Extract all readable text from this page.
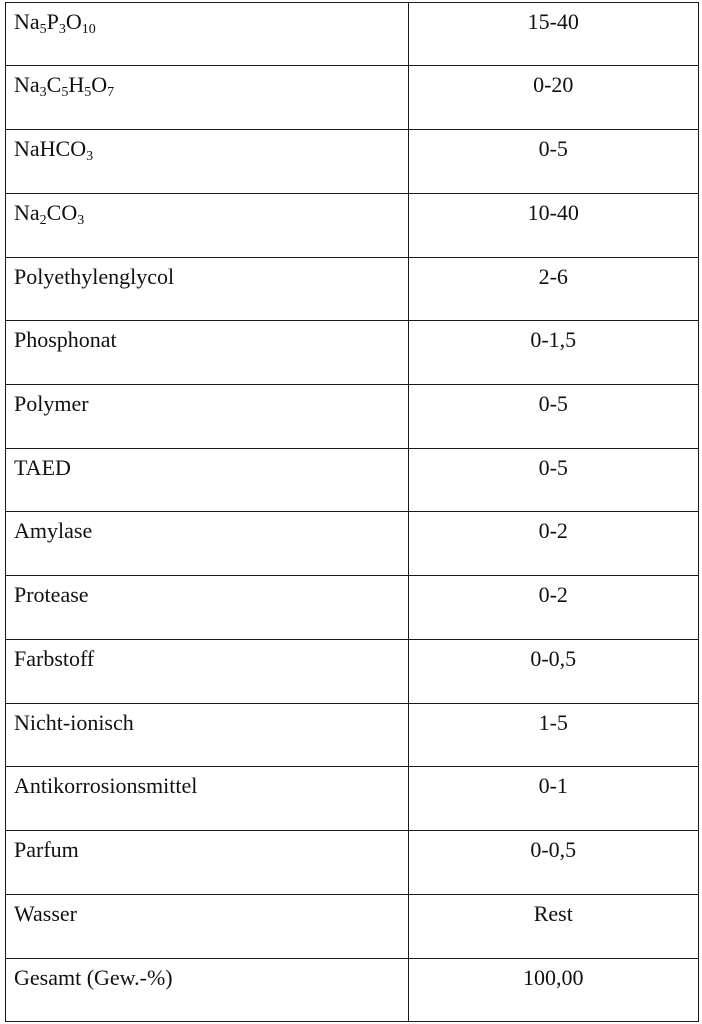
$Na_5P_3O_{10}$	15-40
$Na_3C_5H_5O_7$	0-20
NaHCO$_3$	0-5
$Na_2CO_3$	10-40
Polyethylenglycol	2-6
Phosphonat	0-1,5
Polymer	0-5
TAED	0-5
Amylase	0-2
Protease	0-2
Farbstoff	0-0,5
Nicht-ionisch	1-5
Antikorrosionsmittel	0-1
Parfum	0-0,5
Wasser	Rest
Gesamt (Gew.-%)	100,00
